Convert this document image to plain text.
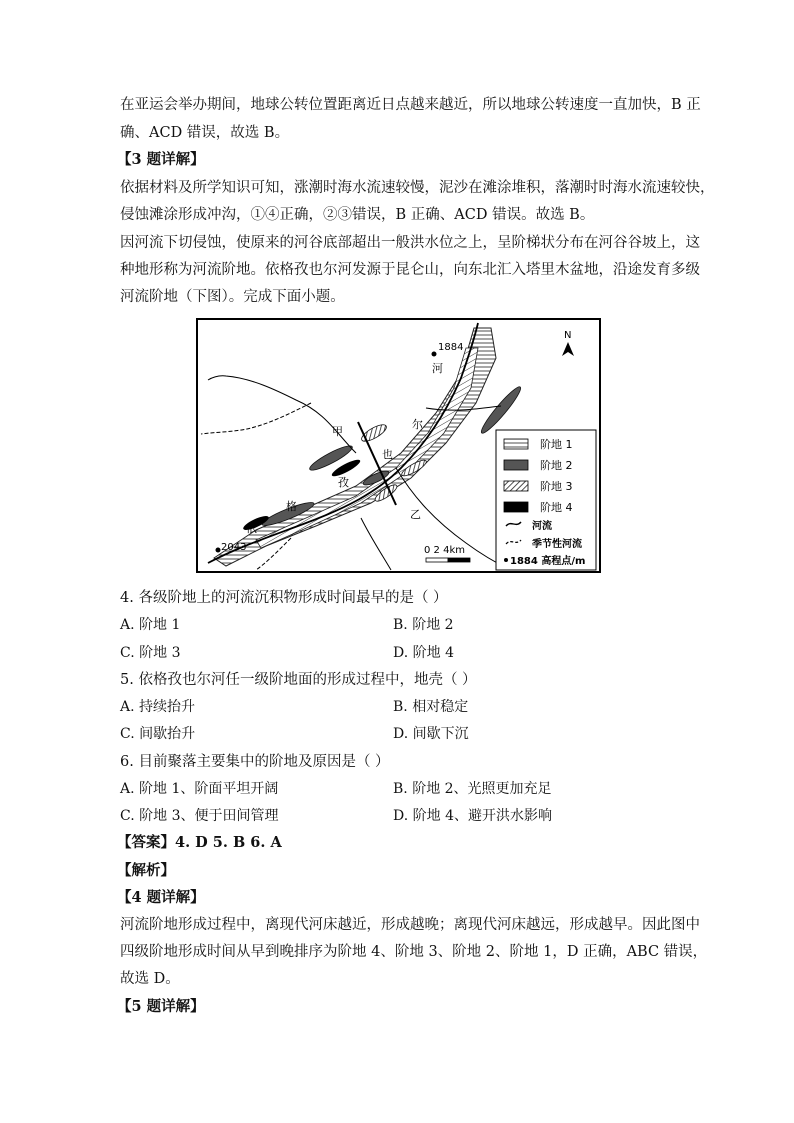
在亚运会举办期间，地球公转位置距离近日点越来越近，所以地球公转速度一直加快，B 正
确、ACD 错误，故选 B。
【3 题详解】
依据材料及所学知识可知，涨潮时海水流速较慢，泥沙在滩涂堆积，落潮时时海水流速较快，
侵蚀滩涂形成冲沟，①④正确，②③错误，B 正确、ACD 错误。故选 B。
因河流下切侵蚀，使原来的河谷底部超出一般洪水位之上，呈阶梯状分布在河谷谷坡上，这
种地形称为河流阶地。依格孜也尔河发源于昆仑山，向东北汇入塔里木盆地，沿途发育多级
河流阶地（下图）。完成下面小题。
1884
2043
河
尔
也
孜
格
依
甲
乙
N
0 2 4km
阶地 1
阶地 2
阶地 3
阶地 4
河流
季节性河流
1884 高程点/m
4. 各级阶地上的河流沉积物形成时间最早的是（ ）
A. 阶地 1	B. 阶地 2
C. 阶地 3	D. 阶地 4
5. 依格孜也尔河任一级阶地面的形成过程中，地壳（ ）
A. 持续抬升	B. 相对稳定
C. 间歇抬升	D. 间歇下沉
6. 目前聚落主要集中的阶地及原因是（ ）
A. 阶地 1、阶面平坦开阔	B. 阶地 2、光照更加充足
C. 阶地 3、便于田间管理	D. 阶地 4、避开洪水影响
【答案】4. D 5. B 6. A
【解析】
【4 题详解】
河流阶地形成过程中，离现代河床越近，形成越晚；离现代河床越远，形成越早。因此图中
四级阶地形成时间从早到晚排序为阶地 4、阶地 3、阶地 2、阶地 1，D 正确，ABC 错误，
故选 D。
【5 题详解】
